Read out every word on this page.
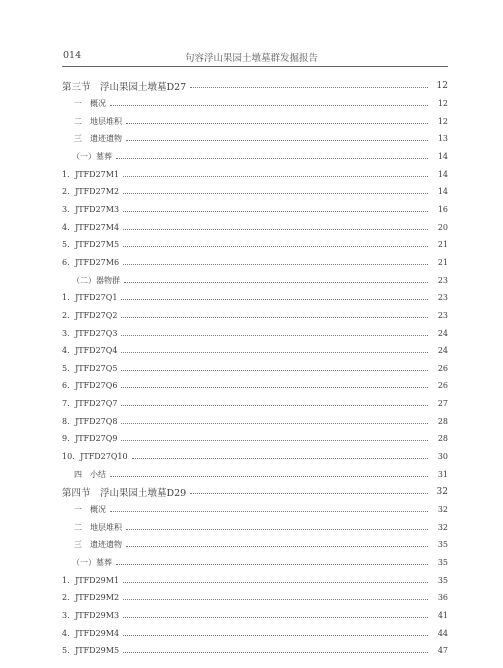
014	句容浮山果园土墩墓群发掘报告
第三节　浮山果园土墩墓D27	12
一　概况	12
二　地层堆积	12
三　遗迹遗物	13
（一）墓葬	14
1．JTFD27M1	14
2．JTFD27M2	14
3．JTFD27M3	16
4．JTFD27M4	20
5．JTFD27M5	21
6．JTFD27M6	21
（二）器物群	23
1．JTFD27Q1	23
2．JTFD27Q2	23
3．JTFD27Q3	24
4．JTFD27Q4	24
5．JTFD27Q5	26
6．JTFD27Q6	26
7．JTFD27Q7	27
8．JTFD27Q8	28
9．JTFD27Q9	28
10．JTFD27Q10	30
四　小结	31
第四节　浮山果园土墩墓D29	32
一　概况	32
二　地层堆积	32
三　遗迹遗物	35
（一）墓葬	35
1．JTFD29M1	35
2．JTFD29M2	36
3．JTFD29M3	41
4．JTFD29M4	44
5．JTFD29M5	47
